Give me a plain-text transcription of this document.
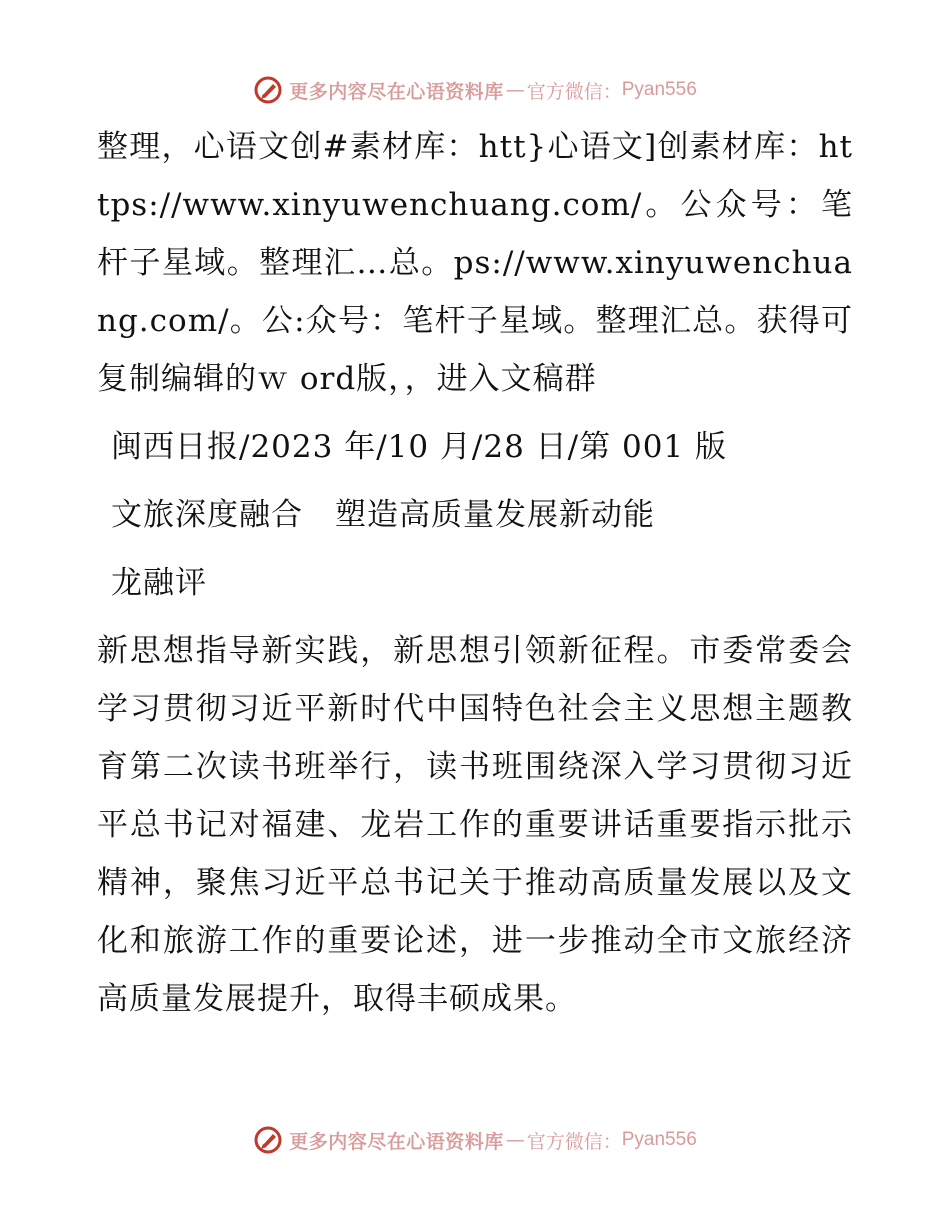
更多内容尽在心语资料库 — 官方微信： Pyan556

整理，心语文创#素材库：htt}心语文]创素材库：https://www.xinyuwenchuang.com/。公众号：笔杆子星域。整理汇…总。ps://www.xinyuwenchuang.com/。公:众号：笔杆子星域。整理汇总。获得可复制编辑的ｗ ord版，，进入文稿群

闽西日报/2023 年/10 月/28 日/第 001 版

文旅深度融合　塑造高质量发展新动能

龙融评

新思想指导新实践，新思想引领新征程。市委常委会学习贯彻习近平新时代中国特色社会主义思想主题教育第二次读书班举行，读书班围绕深入学习贯彻习近平总书记对福建、龙岩工作的重要讲话重要指示批示精神，聚焦习近平总书记关于推动高质量发展以及文化和旅游工作的重要论述，进一步推动全市文旅经济高质量发展提升，取得丰硕成果。

更多内容尽在心语资料库 — 官方微信： Pyan556
